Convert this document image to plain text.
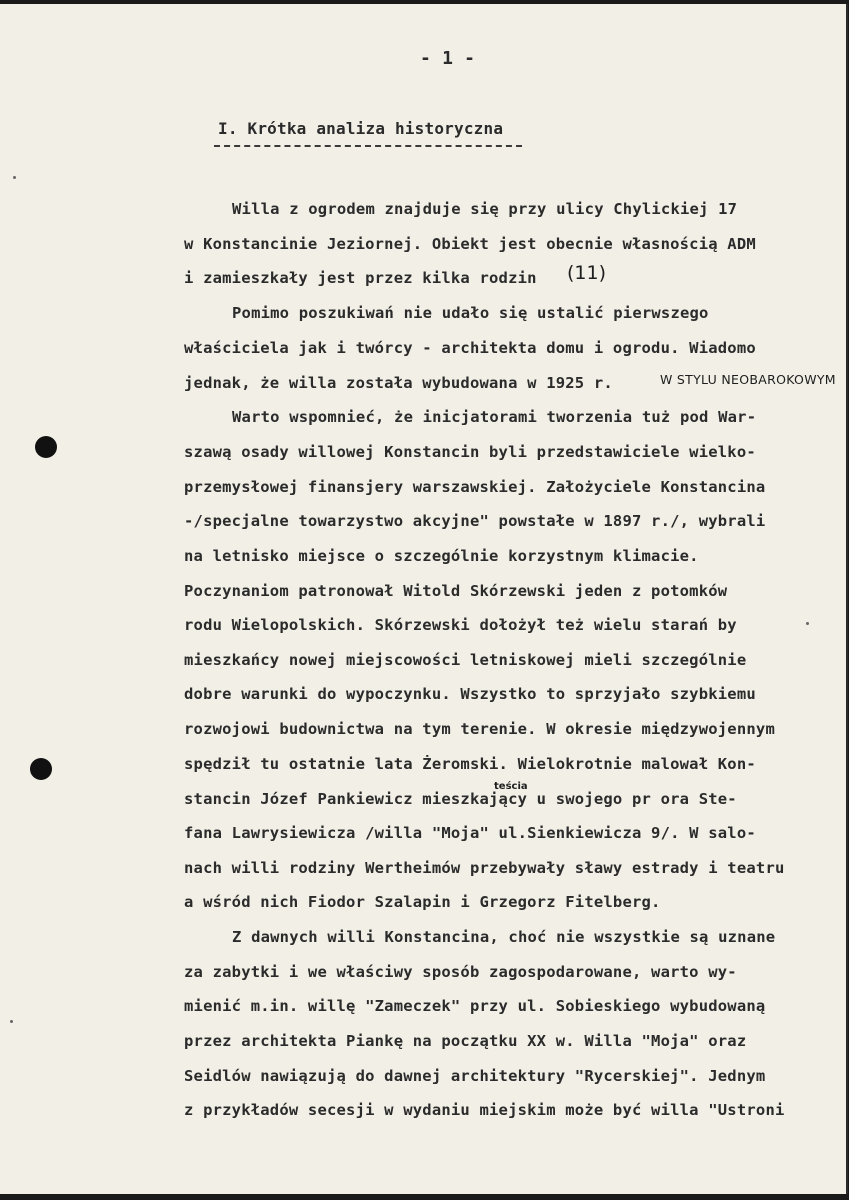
- 1 -
I. Krótka analiza historyczna
Willa z ogrodem znajduje się przy ulicy Chylickiej 17
w Konstancinie Jeziornej. Obiekt jest obecnie własnością ADM
i zamieszkały jest przez kilka rodzin
Pomimo poszukiwań nie udało się ustalić pierwszego
właściciela jak i twórcy - architekta domu i ogrodu. Wiadomo
jednak, że willa została wybudowana w 1925 r.
Warto wspomnieć, że inicjatorami tworzenia tuż pod War-
szawą osady willowej Konstancin byli przedstawiciele wielko-
przemysłowej finansjery warszawskiej. Założyciele Konstancina
-/specjalne towarzystwo akcyjne" powstałe w 1897 r./, wybrali
na letnisko miejsce o szczególnie korzystnym klimacie.
Poczynaniom patronował Witold Skórzewski jeden z potomków
rodu Wielopolskich. Skórzewski dołożył też wielu starań by
mieszkańcy nowej miejscowości letniskowej mieli szczególnie
dobre warunki do wypoczynku. Wszystko to sprzyjało szybkiemu
rozwojowi budownictwa na tym terenie. W okresie międzywojennym
spędził tu ostatnie lata Żeromski. Wielokrotnie malował Kon-
stancin Józef Pankiewicz mieszkający u swojego pr ora Ste-
fana Lawrysiewicza /willa "Moja" ul.Sienkiewicza 9/. W salo-
nach willi rodziny Wertheimów przebywały sławy estrady i teatru
a wśród nich Fiodor Szalapin i Grzegorz Fitelberg.
Z dawnych willi Konstancina, choć nie wszystkie są uznane
za zabytki i we właściwy sposób zagospodarowane, warto wy-
mienić m.in. willę "Zameczek" przy ul. Sobieskiego wybudowaną
przez architekta Piankę na początku XX w. Willa "Moja" oraz
Seidlów nawiązują do dawnej architektury "Rycerskiej". Jednym
z przykładów secesji w wydaniu miejskim może być willa "Ustroni
(11)
W STYLU NEOBAROKOWYM
teścia
